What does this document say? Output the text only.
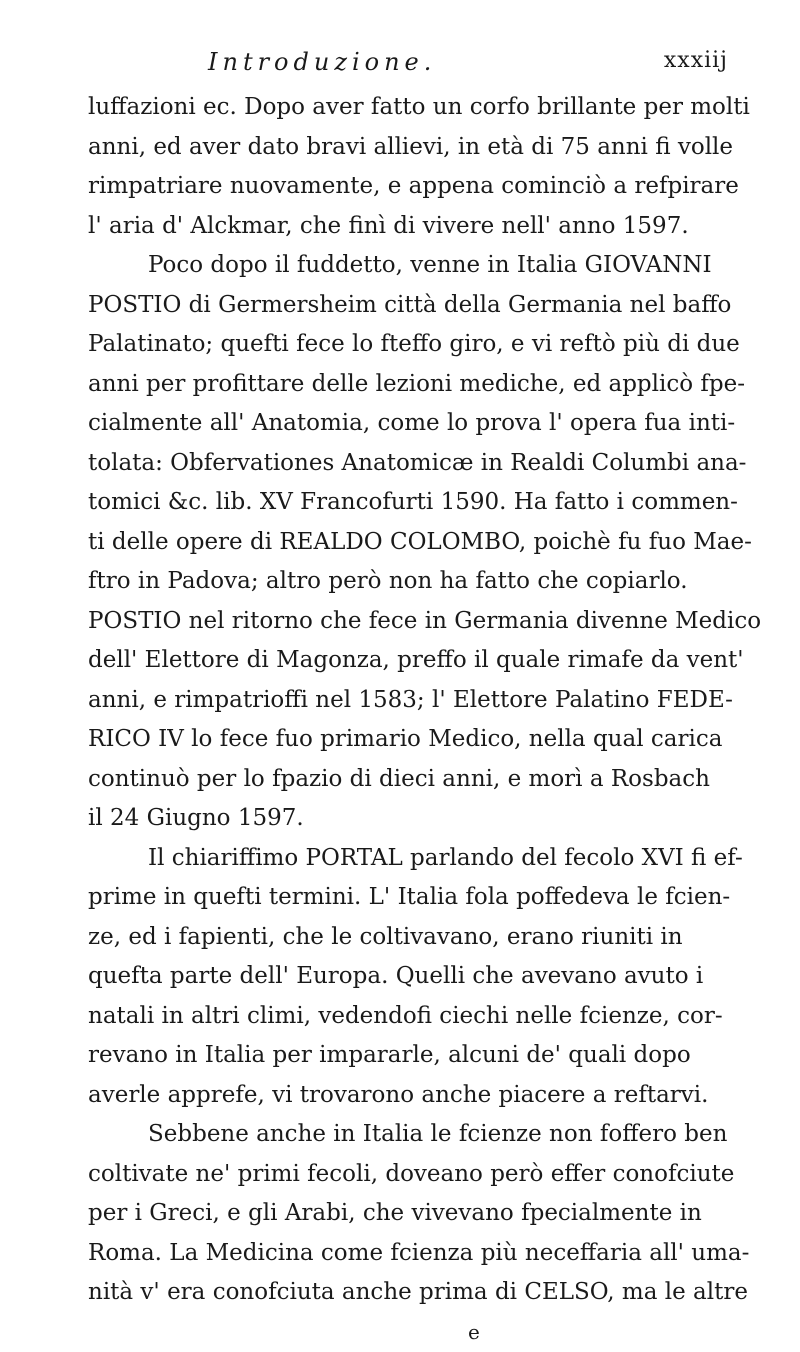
Introduzione.	xxxiij
luffazioni ec. Dopo aver fatto un corfo brillante per molti
anni, ed aver dato bravi allievi, in età di 75 anni fi volle
rimpatriare nuovamente, e appena cominciò a refpirare
l' aria d' Alckmar, che finì di vivere nell' anno 1597.
Poco dopo il fuddetto, venne in Italia GIOVANNI
POSTIO di Germersheim città della Germania nel baffo
Palatinato; quefti fece lo fteffo giro, e vi reftò più di due
anni per profittare delle lezioni mediche, ed applicò fpe-
cialmente all' Anatomia, come lo prova l' opera fua inti-
tolata: Obfervationes Anatomicæ in Realdi Columbi ana-
tomici &c. lib. XV Francofurti 1590. Ha fatto i commen-
ti delle opere di REALDO COLOMBO, poichè fu fuo Mae-
ftro in Padova; altro però non ha fatto che copiarlo.
POSTIO nel ritorno che fece in Germania divenne Medico
dell' Elettore di Magonza, preffo il quale rimafe da vent'
anni, e rimpatrioffi nel 1583; l' Elettore Palatino FEDE-
RICO IV lo fece fuo primario Medico, nella qual carica
continuò per lo fpazio di dieci anni, e morì a Rosbach
il 24 Giugno 1597.
Il chiariffimo PORTAL parlando del fecolo XVI fi ef-
prime in quefti termini. L' Italia fola poffedeva le fcien-
ze, ed i fapienti, che le coltivavano, erano riuniti in
quefta parte dell' Europa. Quelli che avevano avuto i
natali in altri climi, vedendofi ciechi nelle fcienze, cor-
revano in Italia per impararle, alcuni de' quali dopo
averle apprefe, vi trovarono anche piacere a reftarvi.
Sebbene anche in Italia le fcienze non foffero ben
coltivate ne' primi fecoli, doveano però effer conofciute
per i Greci, e gli Arabi, che vivevano fpecialmente in
Roma. La Medicina come fcienza più neceffaria all' uma-
nità v' era conofciuta anche prima di CELSO, ma le altre
e
